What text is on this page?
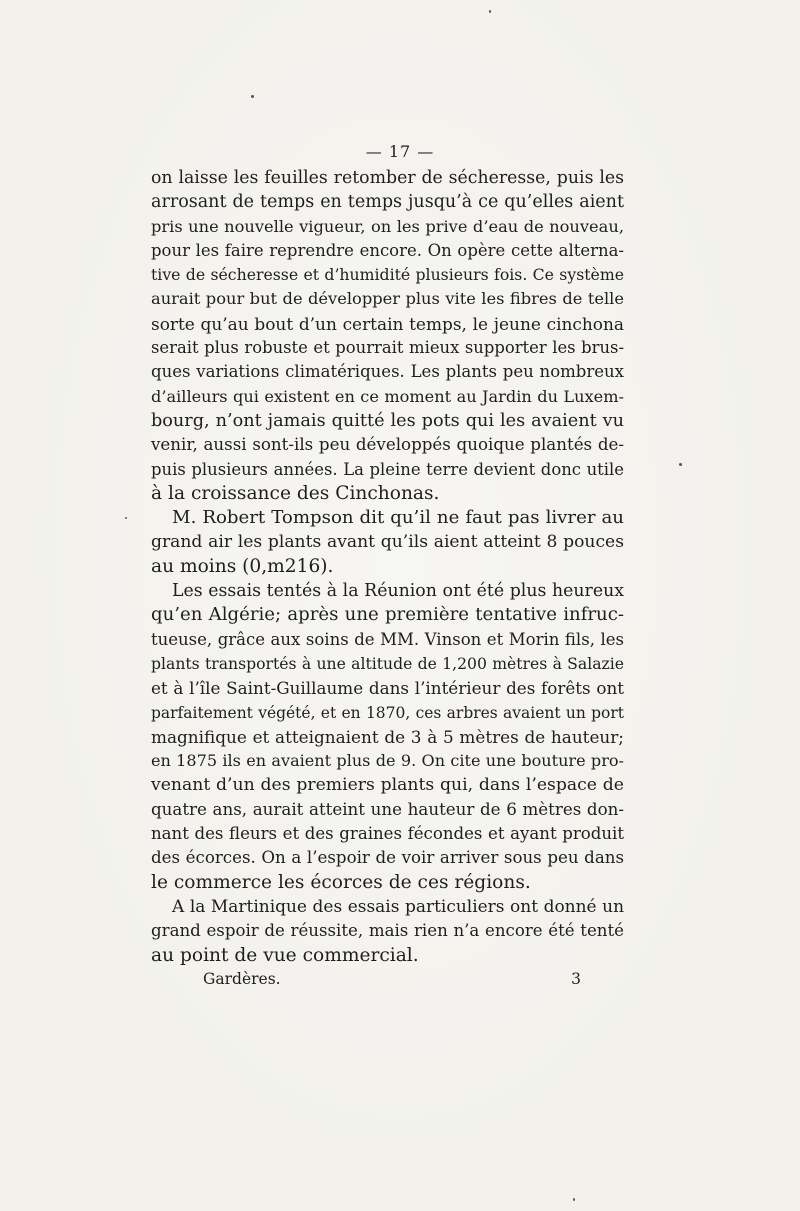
— 17 —
on laisse les feuilles retomber de sécheresse, puis les
arrosant de temps en temps jusqu’à ce qu’elles aient
pris une nouvelle vigueur, on les prive d’eau de nouveau,
pour les faire reprendre encore. On opère cette alterna-
tive de sécheresse et d’humidité plusieurs fois. Ce système
aurait pour but de développer plus vite les fibres de telle
sorte qu’au bout d’un certain temps, le jeune cinchona
serait plus robuste et pourrait mieux supporter les brus-
ques variations climatériques. Les plants peu nombreux
d’ailleurs qui existent en ce moment au Jardin du Luxem-
bourg, n’ont jamais quitté les pots qui les avaient vu
venir, aussi sont-ils peu développés quoique plantés de-
puis plusieurs années. La pleine terre devient donc utile
à la croissance des Cinchonas.
M. Robert Tompson dit qu’il ne faut pas livrer au
grand air les plants avant qu’ils aient atteint 8 pouces
au moins (0,m216).
Les essais tentés à la Réunion ont été plus heureux
qu’en Algérie; après une première tentative infruc-
tueuse, grâce aux soins de MM. Vinson et Morin fils, les
plants transportés à une altitude de 1,200 mètres à Salazie
et à l’île Saint-Guillaume dans l’intérieur des forêts ont
parfaitement végété, et en 1870, ces arbres avaient un port
magnifique et atteignaient de 3 à 5 mètres de hauteur;
en 1875 ils en avaient plus de 9. On cite une bouture pro-
venant d’un des premiers plants qui, dans l’espace de
quatre ans, aurait atteint une hauteur de 6 mètres don-
nant des fleurs et des graines fécondes et ayant produit
des écorces. On a l’espoir de voir arriver sous peu dans
le commerce les écorces de ces régions.
A la Martinique des essais particuliers ont donné un
grand espoir de réussite, mais rien n’a encore été tenté
au point de vue commercial.
Gardères.	3
